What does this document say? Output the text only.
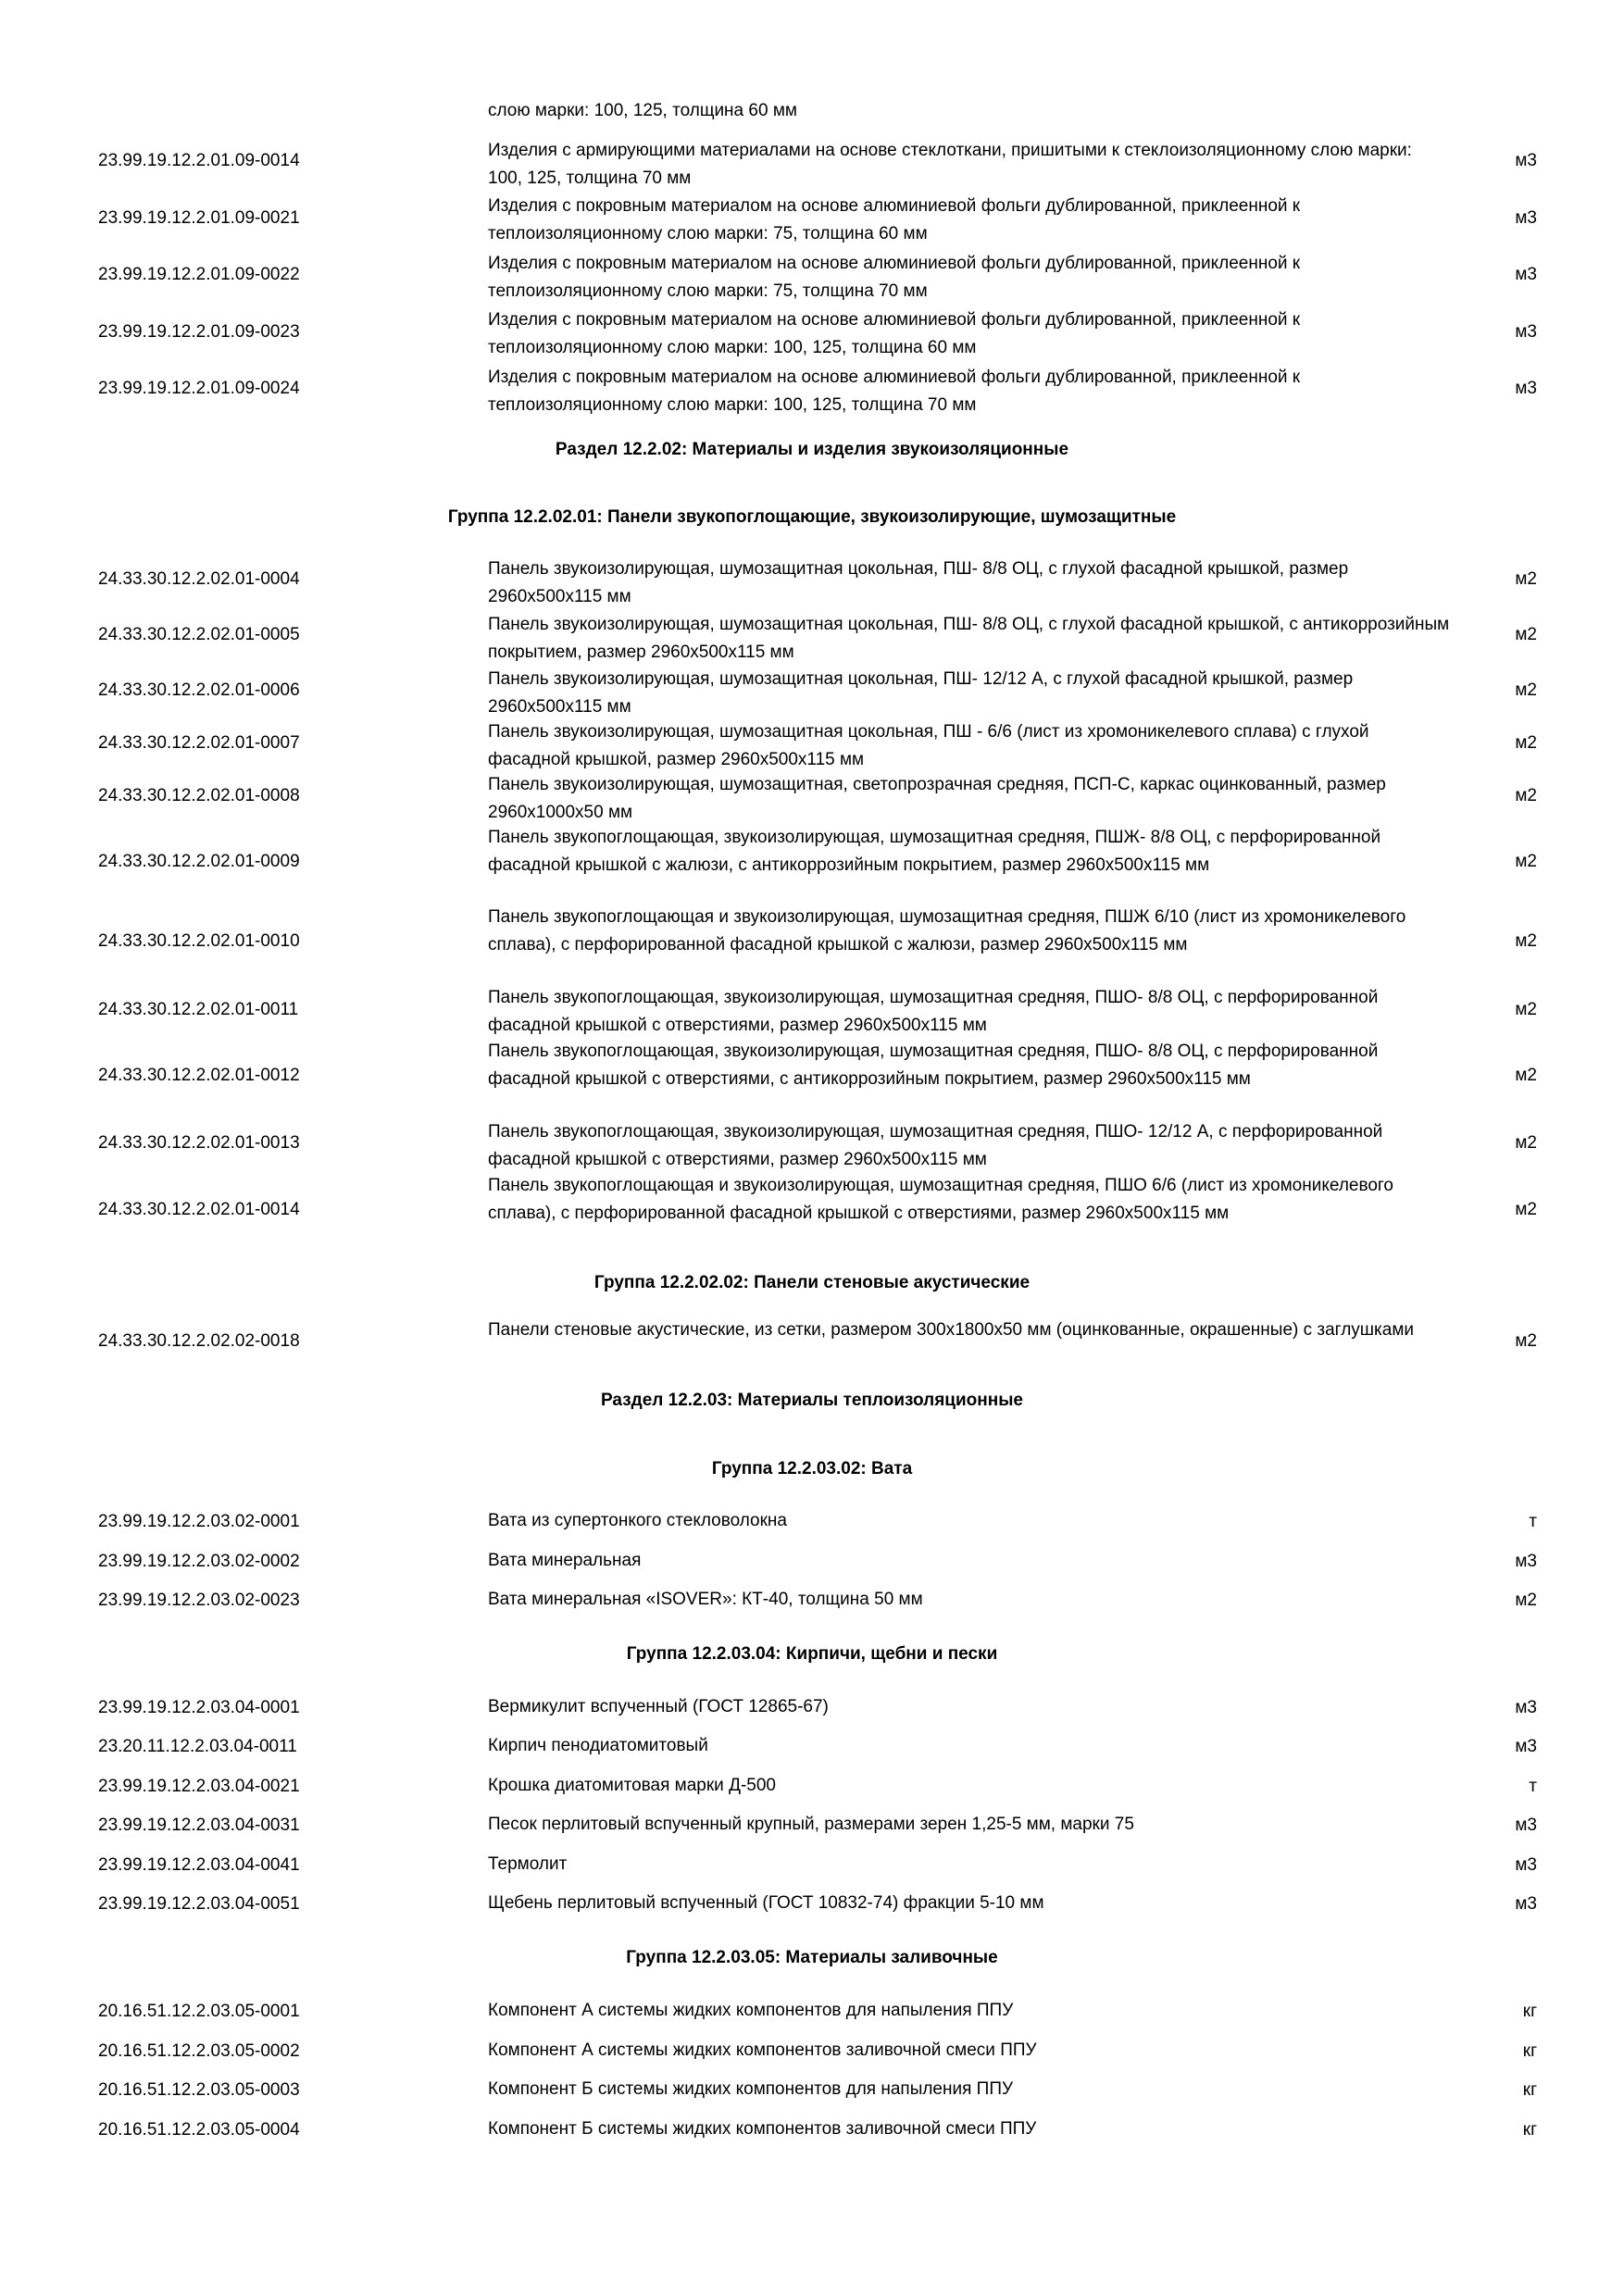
слою марки: 100, 125, толщина 60 мм
23.99.19.12.2.01.09-0014
Изделия с армирующими материалами на основе стеклоткани, пришитыми к стеклоизоляционному слою марки: 100, 125, толщина 70 мм
м3
23.99.19.12.2.01.09-0021
Изделия с покровным материалом на основе алюминиевой фольги дублированной, приклеенной к теплоизоляционному слою марки: 75, толщина 60 мм
м3
23.99.19.12.2.01.09-0022
Изделия с покровным материалом на основе алюминиевой фольги дублированной, приклеенной к теплоизоляционному слою марки: 75, толщина 70 мм
м3
23.99.19.12.2.01.09-0023
Изделия с покровным материалом на основе алюминиевой фольги дублированной, приклеенной к теплоизоляционному слою марки: 100, 125, толщина 60 мм
м3
23.99.19.12.2.01.09-0024
Изделия с покровным материалом на основе алюминиевой фольги дублированной, приклеенной к теплоизоляционному слою марки: 100, 125, толщина 70 мм
м3
Раздел 12.2.02: Материалы и изделия звукоизоляционные
Группа 12.2.02.01: Панели звукопоглощающие, звукоизолирующие, шумозащитные
24.33.30.12.2.02.01-0004
Панель звукоизолирующая, шумозащитная цокольная, ПШ- 8/8 ОЦ, с глухой фасадной крышкой, размер 2960х500х115 мм
м2
24.33.30.12.2.02.01-0005
Панель звукоизолирующая, шумозащитная цокольная, ПШ- 8/8 ОЦ, с глухой фасадной крышкой, с антикоррозийным покрытием, размер 2960х500х115 мм
м2
24.33.30.12.2.02.01-0006
Панель звукоизолирующая, шумозащитная цокольная, ПШ- 12/12 А, с глухой фасадной крышкой, размер 2960х500х115 мм
м2
24.33.30.12.2.02.01-0007
Панель звукоизолирующая, шумозащитная цокольная, ПШ - 6/6 (лист из хромоникелевого сплава) с глухой фасадной крышкой, размер 2960х500х115 мм
м2
24.33.30.12.2.02.01-0008
Панель звукоизолирующая, шумозащитная, светопрозрачная средняя, ПСП-С, каркас оцинкованный, размер 2960х1000х50 мм
м2
24.33.30.12.2.02.01-0009
Панель звукопоглощающая, звукоизолирующая, шумозащитная средняя, ПШЖ- 8/8 ОЦ, с перфорированной фасадной крышкой с жалюзи, с антикоррозийным покрытием, размер 2960х500х115 мм	м2
24.33.30.12.2.02.01-0010
Панель звукопоглощающая и звукоизолирующая, шумозащитная средняя, ПШЖ 6/10 (лист из хромоникелевого сплава), с перфорированной фасадной крышкой с жалюзи, размер 2960х500х115 мм	м2
24.33.30.12.2.02.01-0011
Панель звукопоглощающая, звукоизолирующая, шумозащитная средняя, ПШО- 8/8 ОЦ, с перфорированной фасадной крышкой с отверстиями, размер 2960х500х115 мм
м2
24.33.30.12.2.02.01-0012
Панель звукопоглощающая, звукоизолирующая, шумозащитная средняя, ПШО- 8/8 ОЦ, с перфорированной фасадной крышкой с отверстиями, с антикоррозийным покрытием, размер 2960х500х115 мм	м2
24.33.30.12.2.02.01-0013
Панель звукопоглощающая, звукоизолирующая, шумозащитная средняя, ПШО- 12/12 А, с перфорированной фасадной крышкой с отверстиями, размер 2960х500х115 мм
м2
24.33.30.12.2.02.01-0014
Панель звукопоглощающая и звукоизолирующая, шумозащитная средняя, ПШО 6/6 (лист из хромоникелевого сплава), с перфорированной фасадной крышкой с отверстиями, размер 2960х500х115 мм	м2
Группа 12.2.02.02: Панели стеновые акустические
24.33.30.12.2.02.02-0018
Панели стеновые акустические, из сетки, размером 300х1800х50 мм (оцинкованные, окрашенные) с заглушками
м2
Раздел 12.2.03: Материалы теплоизоляционные
Группа 12.2.03.02: Вата
23.99.19.12.2.03.02-0001	Вата из супертонкого стекловолокна	т
23.99.19.12.2.03.02-0002	Вата минеральная	м3
23.99.19.12.2.03.02-0023	Вата минеральная «ISOVER»: КТ-40, толщина 50 мм	м2
Группа 12.2.03.04: Кирпичи, щебни и пески
23.99.19.12.2.03.04-0001	Вермикулит вспученный (ГОСТ 12865-67)	м3
23.20.11.12.2.03.04-0011	Кирпич пенодиатомитовый	м3
23.99.19.12.2.03.04-0021	Крошка диатомитовая марки Д-500	т
23.99.19.12.2.03.04-0031	Песок перлитовый вспученный крупный, размерами зерен 1,25-5 мм, марки 75	м3
23.99.19.12.2.03.04-0041	Термолит	м3
23.99.19.12.2.03.04-0051	Щебень перлитовый вспученный (ГОСТ 10832-74) фракции 5-10 мм	м3
Группа 12.2.03.05: Материалы заливочные
20.16.51.12.2.03.05-0001	Компонент А системы жидких компонентов для напыления ППУ	кг
20.16.51.12.2.03.05-0002	Компонент А системы жидких компонентов заливочной смеси ППУ	кг
20.16.51.12.2.03.05-0003	Компонент Б системы жидких компонентов для напыления ППУ	кг
20.16.51.12.2.03.05-0004	Компонент Б системы жидких компонентов заливочной смеси ППУ	кг
